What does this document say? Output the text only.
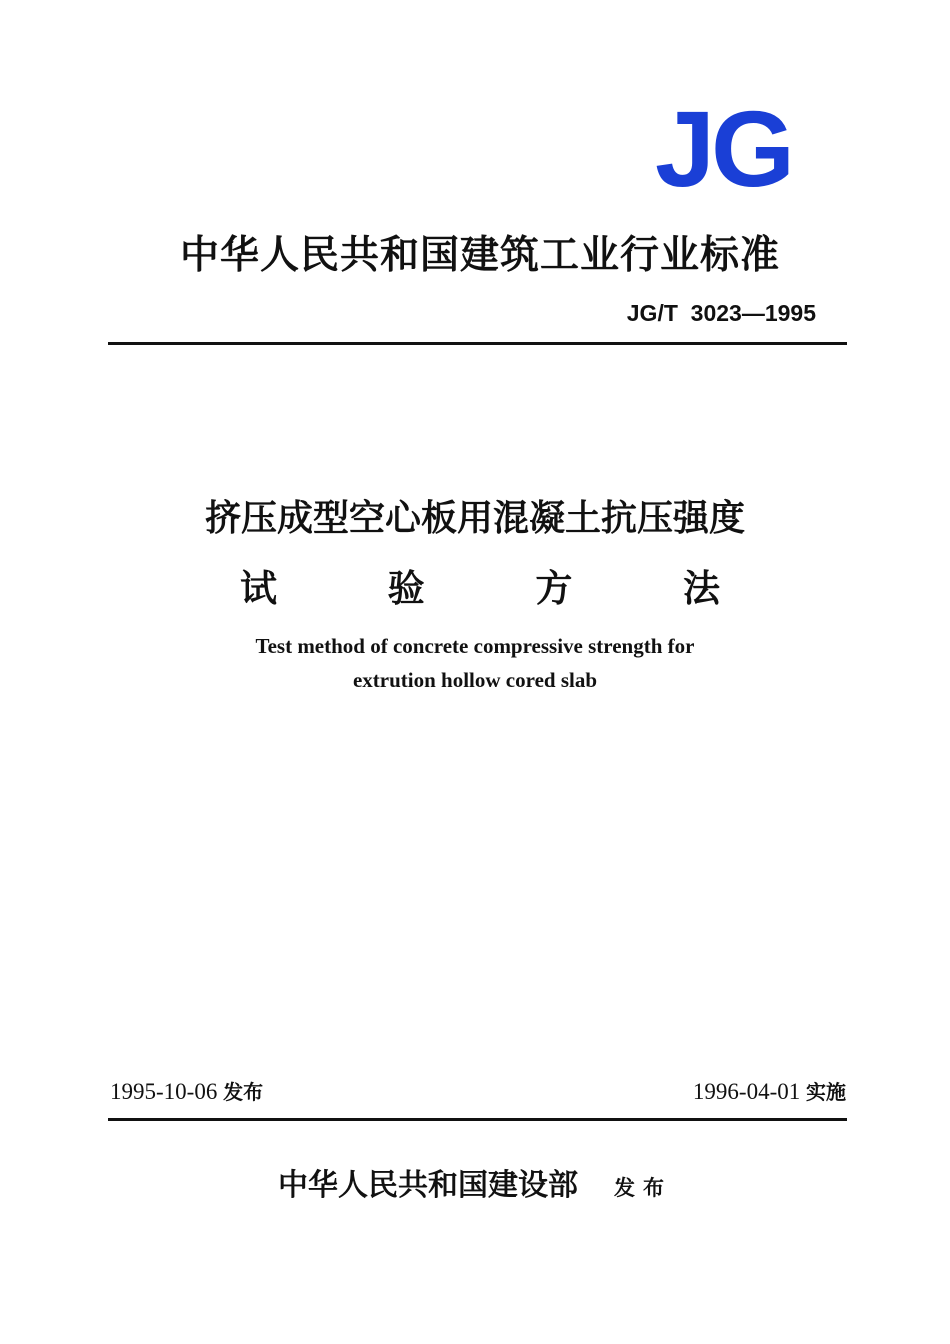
JG
中华人民共和国建筑工业行业标准
JG/T  3023—1995
挤压成型空心板用混凝土抗压强度
试	验	方	法
Test method of concrete compressive strength for
extrution hollow cored slab
1995-10-06 发布	1996-04-01 实施
中华人民共和国建设部 发布
